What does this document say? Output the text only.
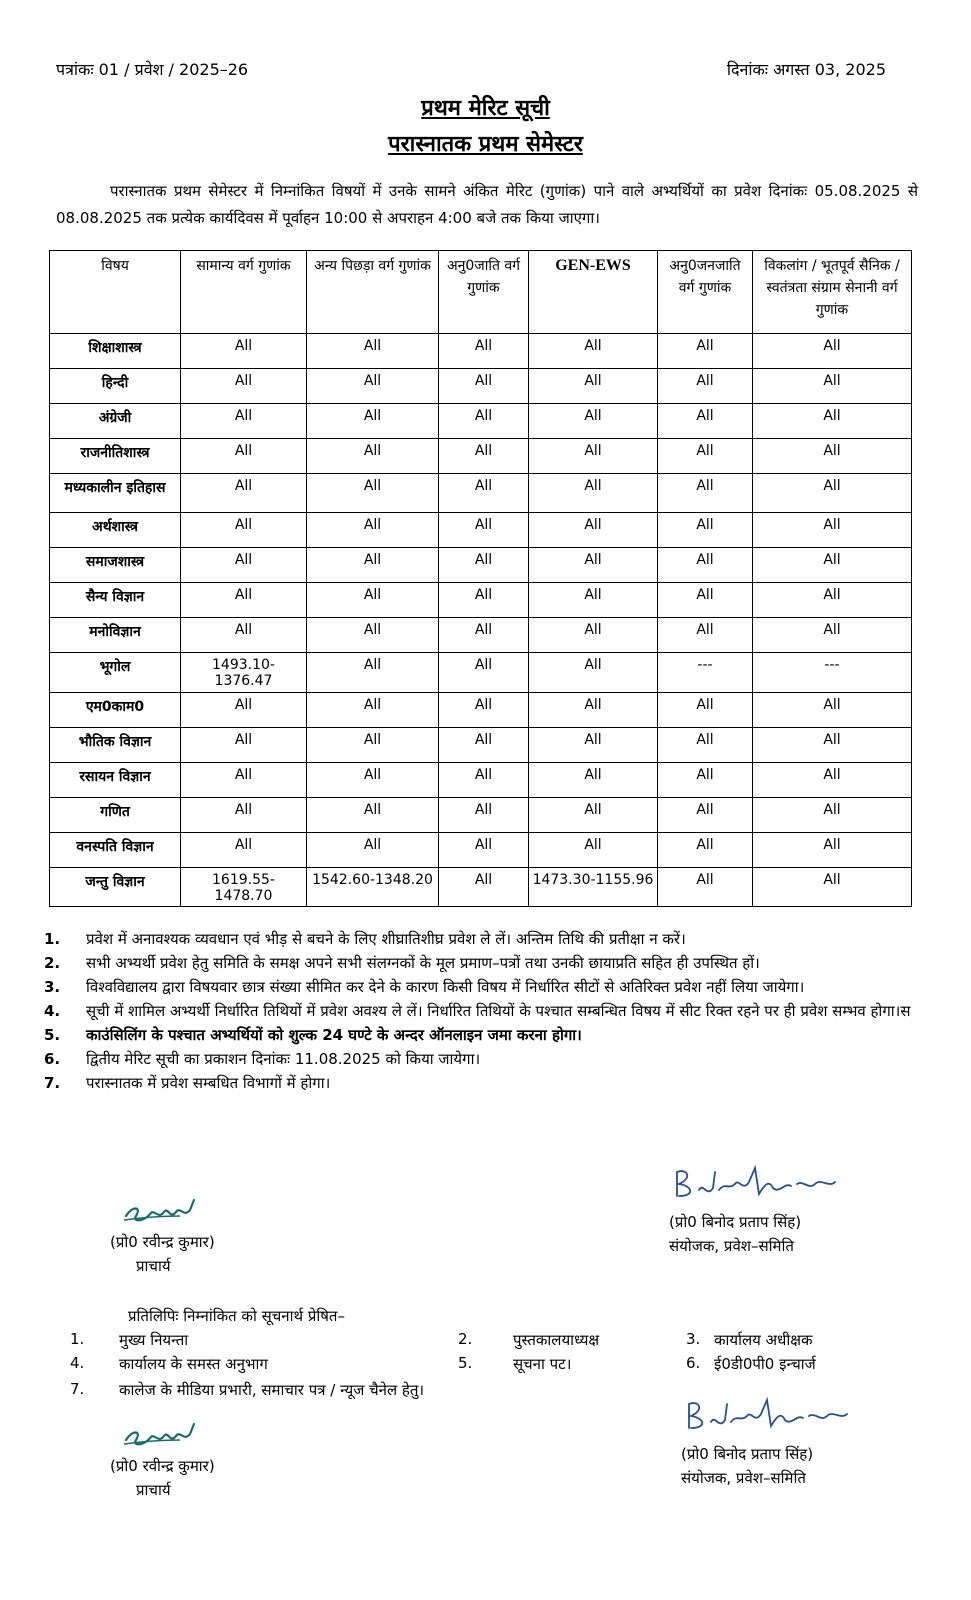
पत्रांकः 01 / प्रवेश / 2025–26	दिनांकः अगस्त 03, 2025
प्रथम मेरिट सूची
परास्नातक प्रथम सेमेस्टर
परास्नातक प्रथम सेमेस्टर में निम्नांकित विषयों में उनके सामने अंकित मेरिट (गुणांक) पाने वाले अभ्यर्थियों का प्रवेश दिनांकः 05.08.2025 से 08.08.2025 तक प्रत्येक कार्यदिवस में पूर्वाहन 10:00 से अपराहन 4:00 बजे तक किया जाएगा।
विषय	सामान्य वर्ग गुणांक	अन्य पिछड़ा वर्ग गुणांक	अनु0जाति वर्ग गुणांक	GEN-EWS	अनु0जनजाति वर्ग गुणांक	विकलांग / भूतपूर्व सैनिक / स्वतंत्रता संग्राम सेनानी वर्ग गुणांक
शिक्षाशास्त्र	All	All	All	All	All	All
हिन्दी	All	All	All	All	All	All
अंग्रेजी	All	All	All	All	All	All
राजनीतिशास्त्र	All	All	All	All	All	All
मध्यकालीन इतिहास	All	All	All	All	All	All
अर्थशास्त्र	All	All	All	All	All	All
समाजशास्त्र	All	All	All	All	All	All
सैन्य विज्ञान	All	All	All	All	All	All
मनोविज्ञान	All	All	All	All	All	All
भूगोल	1493.10-1376.47	All	All	All	---	---
एम0काम0	All	All	All	All	All	All
भौतिक विज्ञान	All	All	All	All	All	All
रसायन विज्ञान	All	All	All	All	All	All
गणित	All	All	All	All	All	All
वनस्पति विज्ञान	All	All	All	All	All	All
जन्तु विज्ञान	1619.55-1478.70	1542.60-1348.20	All	1473.30-1155.96	All	All
1.	प्रवेश में अनावश्यक व्यवधान एवं भीड़ से बचने के लिए शीघ्रातिशीघ्र प्रवेश ले लें। अन्तिम तिथि की प्रतीक्षा न करें।
2.	सभी अभ्यर्थी प्रवेश हेतु समिति के समक्ष अपने सभी संलग्नकों के मूल प्रमाण–पत्रों तथा उनकी छायाप्रति सहित ही उपस्थित हों।
3.	विश्वविद्यालय द्वारा विषयवार छात्र संख्या सीमित कर देने के कारण किसी विषय में निर्धारित सीटों से अतिरिक्त प्रवेश नहीं लिया जायेगा।
4.	सूची में शामिल अभ्यर्थी निर्धारित तिथियों में प्रवेश अवश्य ले लें। निर्धारित तिथियों के पश्चात सम्बन्धित विषय में सीट रिक्त रहने पर ही प्रवेश सम्भव होगा।स
5.	काउंसिलिंग के पश्चात अभ्यर्थियों को शुल्क 24 घण्टे के अन्दर ऑनलाइन जमा करना होगा।
6.	द्वितीय मेरिट सूची का प्रकाशन दिनांकः 11.08.2025 को किया जायेगा।
7.	परास्नातक में प्रवेश सम्बधित विभागों में होगा।
(प्रो0 रवीन्द्र कुमार)
प्राचार्य
(प्रो0 बिनोद प्रताप सिंह)
संयोजक, प्रवेश–समिति
प्रतिलिपिः निम्नांकित को सूचनार्थ प्रेषित–
1. मुख्य नियन्ता	2.	पुस्तकालयाध्यक्ष	3. कार्यालय अधीक्षक
4. कार्यालय के समस्त अनुभाग	5.	सूचना पट।	6. ई0डी0पी0 इन्चार्ज
7. कालेज के मीडिया प्रभारी, समाचार पत्र / न्यूज चैनेल हेतु।
(प्रो0 रवीन्द्र कुमार)
प्राचार्य
(प्रो0 बिनोद प्रताप सिंह)
संयोजक, प्रवेश–समिति
